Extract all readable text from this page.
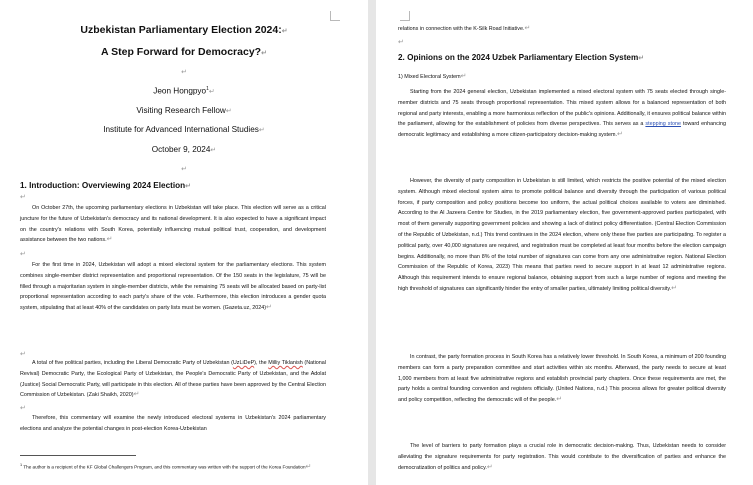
Uzbekistan Parliamentary Election 2024:↵
A Step Forward for Democracy?↵
↵
Jeon Hongpyo$^1$↵
Visiting Research Fellow↵
Institute for Advanced International Studies↵
October 9, 2024↵
↵
1. Introduction: Overviewing 2024 Election↵
↵
On October 27th, the upcoming parliamentary elections in Uzbekistan will take place. This election will serve as a critical juncture for the future of Uzbekistan's democracy and its national development. It is also expected to have a significant impact on the country's relations with South Korea, potentially influencing mutual political trust, cooperation, and development assistance between the two nations.↵
↵
For the first time in 2024, Uzbekistan will adopt a mixed electoral system for the parliamentary elections. This system combines single-member district representation and proportional representation. Of the 150 seats in the legislature, 75 will be filled through a majoritarian system in single-member districts, while the remaining 75 seats will be allocated based on party-list proportional representation according to each party's share of the vote. Furthermore, this election introduces a gender quota system, stipulating that at least 40% of the candidates on party lists must be women. (Gazeta.uz, 2024)↵
↵
A total of five political parties, including the Liberal Democratic Party of Uzbekistan (UzLiDeP), the Milliy Tiklanish (National Revival) Democratic Party, the Ecological Party of Uzbekistan, the People's Democratic Party of Uzbekistan, and the Adolat (Justice) Social Democratic Party, will participate in this election. All of these parties have been approved by the Central Election Commission of Uzbekistan. (Zaki Shaikh, 2020)↵
↵
Therefore, this commentary will examine the newly introduced electoral systems in Uzbekistan's 2024 parliamentary elections and analyze the potential changes in post-election Korea-Uzbekistan
$^1$ The author is a recipient of the KF Global Challengers Program, and this commentary was written with the support of the Korea Foundation↵
relations in connection with the K-Silk Road Initiative.↵
↵
2. Opinions on the 2024 Uzbek Parliamentary Election System↵
1) Mixed Electoral System↵
Starting from the 2024 general election, Uzbekistan implemented a mixed electoral system with 75 seats elected through single-member districts and 75 seats through proportional representation. This mixed system allows for a balanced representation of both regional and party interests, enabling a more harmonious reflection of the public's opinions. Additionally, it ensures political balance within the parliament, allowing for the establishment of policies from diverse perspectives. This serves as a stepping stone toward enhancing democratic legitimacy and establishing a more citizen-participatory decision-making system.↵
However, the diversity of party composition in Uzbekistan is still limited, which restricts the positive potential of the mixed election system. Although mixed electoral system aims to promote political balance and diversity through the participation of various political forces, if party composition and policy positions become too uniform, the actual political choices available to voters are diminished. According to the Al Jazeera Centre for Studies, in the 2019 parliamentary election, five government-approved parties participated, with most of them generally supporting government policies and showing a lack of distinct policy differentiation. (Central Election Commission of the Republic of Uzbekistan, n.d.) This trend continues in the 2024 election, where only these five parties are participating. To register a political party, over 40,000 signatures are required, and registration must be completed at least four months before the election campaign begins. Additionally, no more than 8% of the total number of signatures can come from any one administrative region. National Election Commission of the Republic of Korea, 2023) This means that parties need to secure support in at least 12 administrative regions. Although this requirement intends to ensure regional balance, obtaining support from such a large number of regions and meeting the high threshold of signatures can significantly hinder the entry of smaller parties, ultimately limiting political diversity.↵
In contrast, the party formation process in South Korea has a relatively lower threshold. In South Korea, a minimum of 200 founding members can form a party preparation committee and start activities within six months. Afterward, the party needs to secure at least 1,000 members from at least five administrative regions and establish provincial party chapters. Once these requirements are met, the party holds a central founding convention and registers officially. (United Nations, n.d.) This process allows for greater political diversity and policy competition, reflecting the democratic will of the people.↵
The level of barriers to party formation plays a crucial role in democratic decision-making. Thus, Uzbekistan needs to consider alleviating the signature requirements for party registration. This would contribute to the diversification of parties and enhance the democratization of politics and policy.↵
